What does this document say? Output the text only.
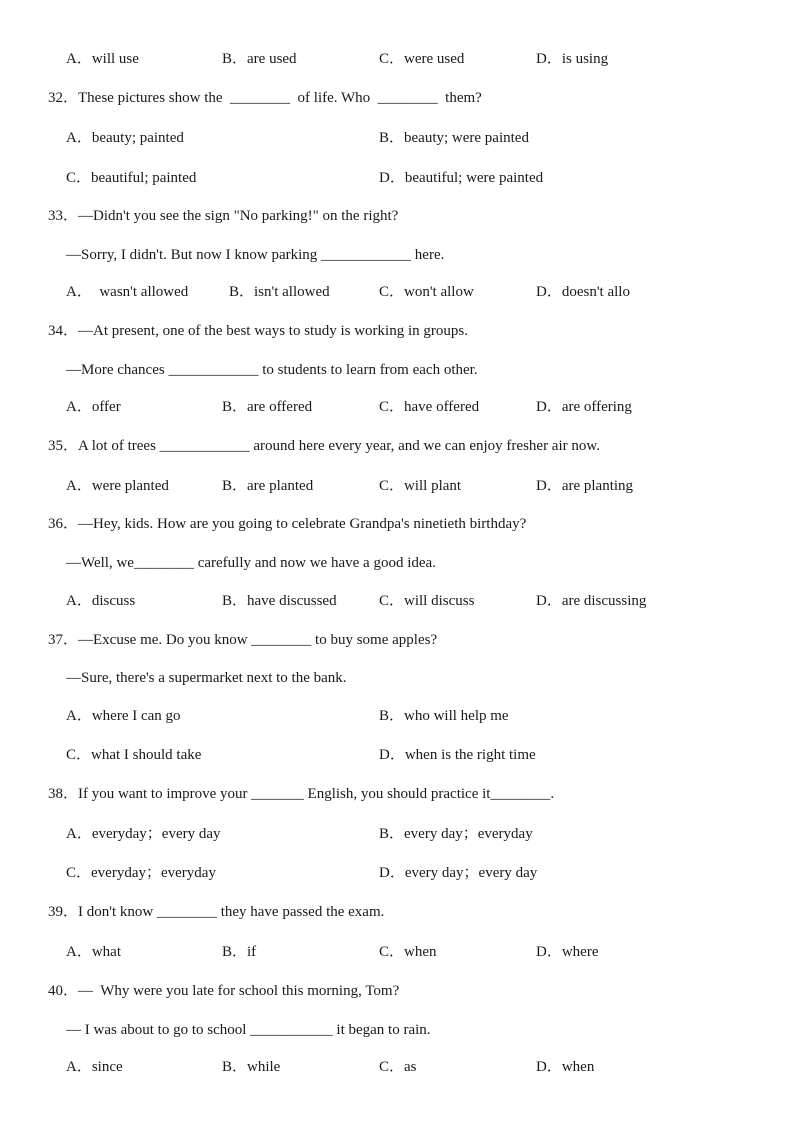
A．will use	B．are used	C．were used	D．is using
32．These pictures show the  ________  of life. Who  ________  them?
A．beauty; painted	B．beauty; were painted
C．beautiful; painted	D．beautiful; were painted
33．—Didn't you see the sign "No parking!" on the right?
—Sorry, I didn't. But now I know parking ____________ here.
A．  wasn't allowed	B．isn't allowed	C．won't allow	D．doesn't allo
34．—At present, one of the best ways to study is working in groups.
—More chances ____________ to students to learn from each other.
A．offer	B．are offered	C．have offered	D．are offering
35．A lot of trees ____________ around here every year, and we can enjoy fresher air now.
A．were planted	B．are planted	C．will plant	D．are planting
36．—Hey, kids. How are you going to celebrate Grandpa's ninetieth birthday?
—Well, we________ carefully and now we have a good idea.
A．discuss	B．have discussed	C．will discuss	D．are discussing
37．—Excuse me. Do you know ________ to buy some apples?
—Sure, there's a supermarket next to the bank.
A．where I can go	B．who will help me
C．what I should take	D．when is the right time
38．If you want to improve your _______ English, you should practice it________.
A．everyday；every day	B．every day；everyday
C．everyday；everyday	D．every day；every day
39．I don't know ________ they have passed the exam.
A．what	B．if	C．when	D．where
40．—  Why were you late for school this morning, Tom?
— I was about to go to school ___________ it began to rain.
A．since	B．while	C．as	D．when
